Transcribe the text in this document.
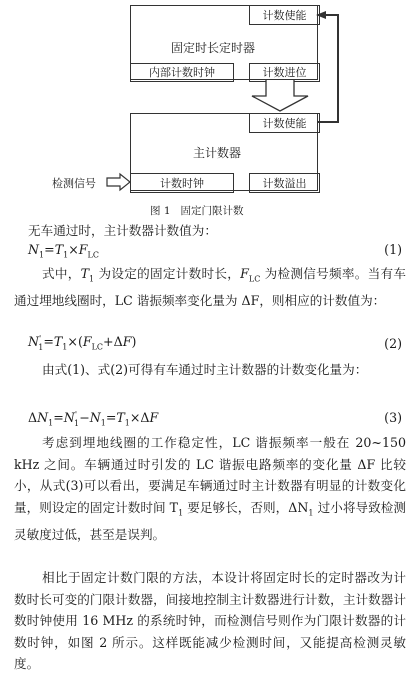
计数使能
固定时长定时器
内部计数时钟	计数进位
计数使能
主计数器
计数时钟	计数溢出
检测信号
图 1   固定门限计数
无车通过时，主计数器计数值为：
$N_1=T_1\times F_{LC}$	(1)
式中，$T_1$ 为设定的固定计数时长，$F_{LC}$ 为检测信号频率。当有车通过埋地线圈时，LC 谐振频率变化量为 ΔF，则相应的计数值为：
$N'_1=T_1\times(F_{LC}+\Delta F)$	(2)
由式(1)、式(2)可得有车通过时主计数器的计数变化量为：
$\Delta N_1=N'_1-N_1=T_1\times\Delta F$	(3)
考虑到埋地线圈的工作稳定性，LC 谐振频率一般在 20~150 kHz 之间。车辆通过时引发的 LC 谐振电路频率的变化量 ΔF 比较小，从式(3)可以看出，要满足车辆通过时主计数器有明显的计数变化量，则设定的固定计数时间 $T_1$ 要足够长，否则，$\Delta N_1$ 过小将导致检测灵敏度过低，甚至是误判。
相比于固定计数门限的方法，本设计将固定时长的定时器改为计数时长可变的门限计数器，间接地控制主计数器进行计数，主计数器计数时钟使用 16 MHz 的系统时钟，而检测信号则作为门限计数器的计数时钟，如图 2 所示。这样既能减少检测时间，又能提高检测灵敏度。
